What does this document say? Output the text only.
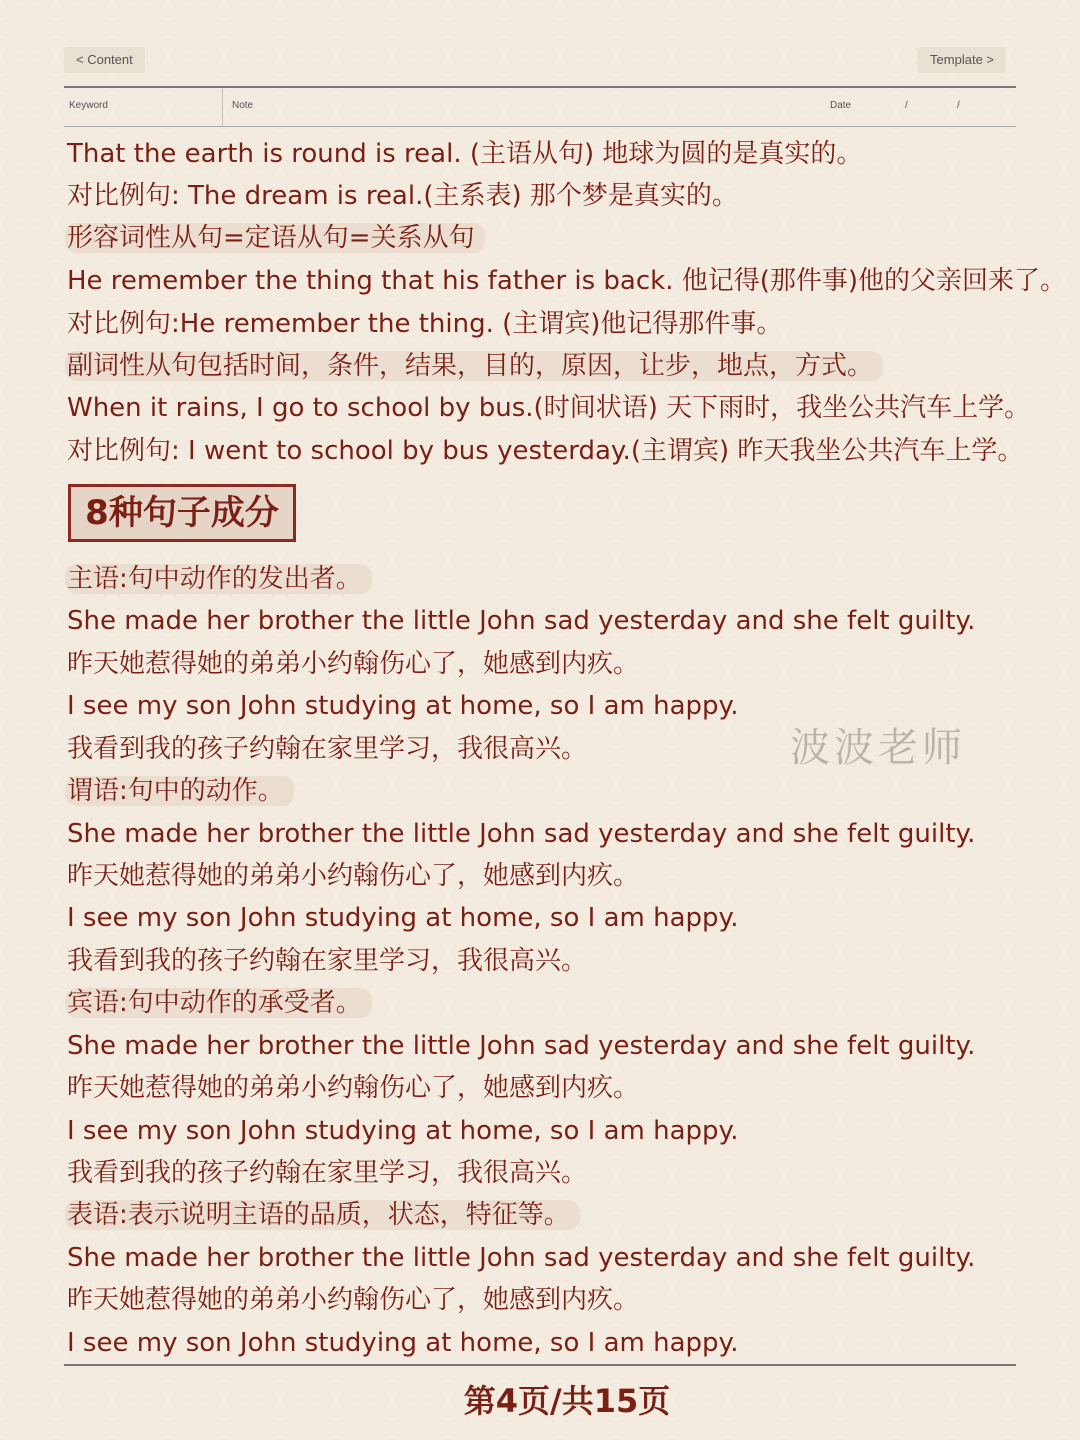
< Content	Template >
Keyword	Note	Date	/	/
That the earth is round is real. (主语从句) 地球为圆的是真实的。
对比例句: The dream is real.(主系表) 那个梦是真实的。
形容词性从句=定语从句=关系从句
He remember the thing that his father is back. 他记得(那件事)他的父亲回来了。
对比例句:He remember the thing. (主谓宾)他记得那件事。
副词性从句包括时间，条件，结果，目的，原因，让步，地点，方式。
When it rains, I go to school by bus.(时间状语) 天下雨时，我坐公共汽车上学。
对比例句: I went to school by bus yesterday.(主谓宾) 昨天我坐公共汽车上学。
8种句子成分
主语:句中动作的发出者。
She made her brother the little John sad yesterday and she felt guilty.
昨天她惹得她的弟弟小约翰伤心了，她感到内疚。
I see my son John studying at home, so I am happy.
我看到我的孩子约翰在家里学习，我很高兴。
谓语:句中的动作。
She made her brother the little John sad yesterday and she felt guilty.
昨天她惹得她的弟弟小约翰伤心了，她感到内疚。
I see my son John studying at home, so I am happy.
我看到我的孩子约翰在家里学习，我很高兴。
宾语:句中动作的承受者。
She made her brother the little John sad yesterday and she felt guilty.
昨天她惹得她的弟弟小约翰伤心了，她感到内疚。
I see my son John studying at home, so I am happy.
我看到我的孩子约翰在家里学习，我很高兴。
表语:表示说明主语的品质，状态，特征等。
She made her brother the little John sad yesterday and she felt guilty.
昨天她惹得她的弟弟小约翰伤心了，她感到内疚。
I see my son John studying at home, so I am happy.
波波老师
第4页/共15页
